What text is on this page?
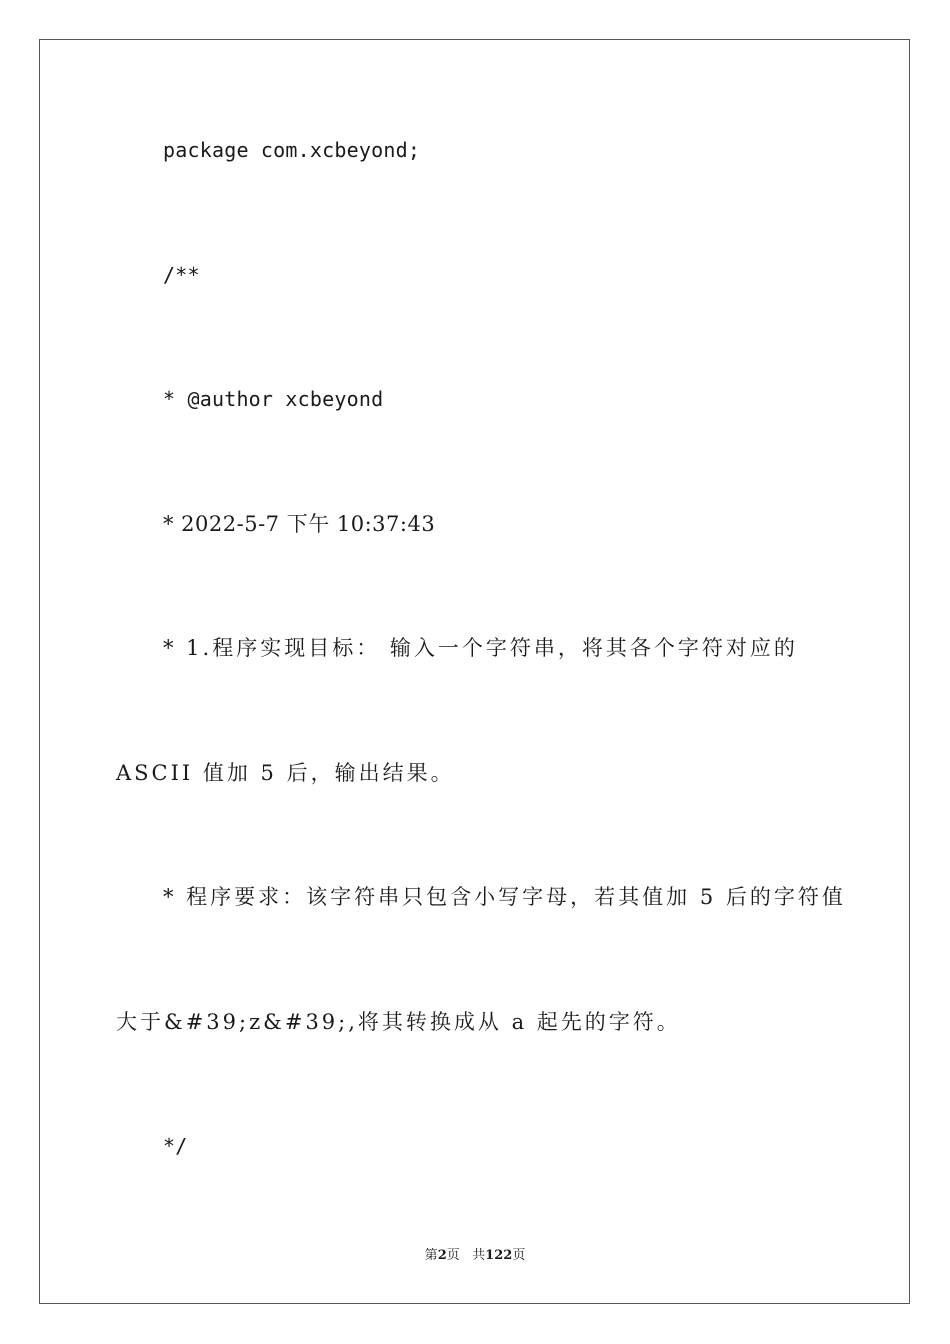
package com.xcbeyond;
/**
* @author xcbeyond
* 2022-5-7 下午 10:37:43
* 1.程序实现目标： 输入一个字符串，将其各个字符对应的
ASCII 值加 5 后，输出结果。
* 程序要求：该字符串只包含小写字母，若其值加 5 后的字符值
大于&#39;z&#39;,将其转换成从 a 起先的字符。
*/
第2页 共122页
